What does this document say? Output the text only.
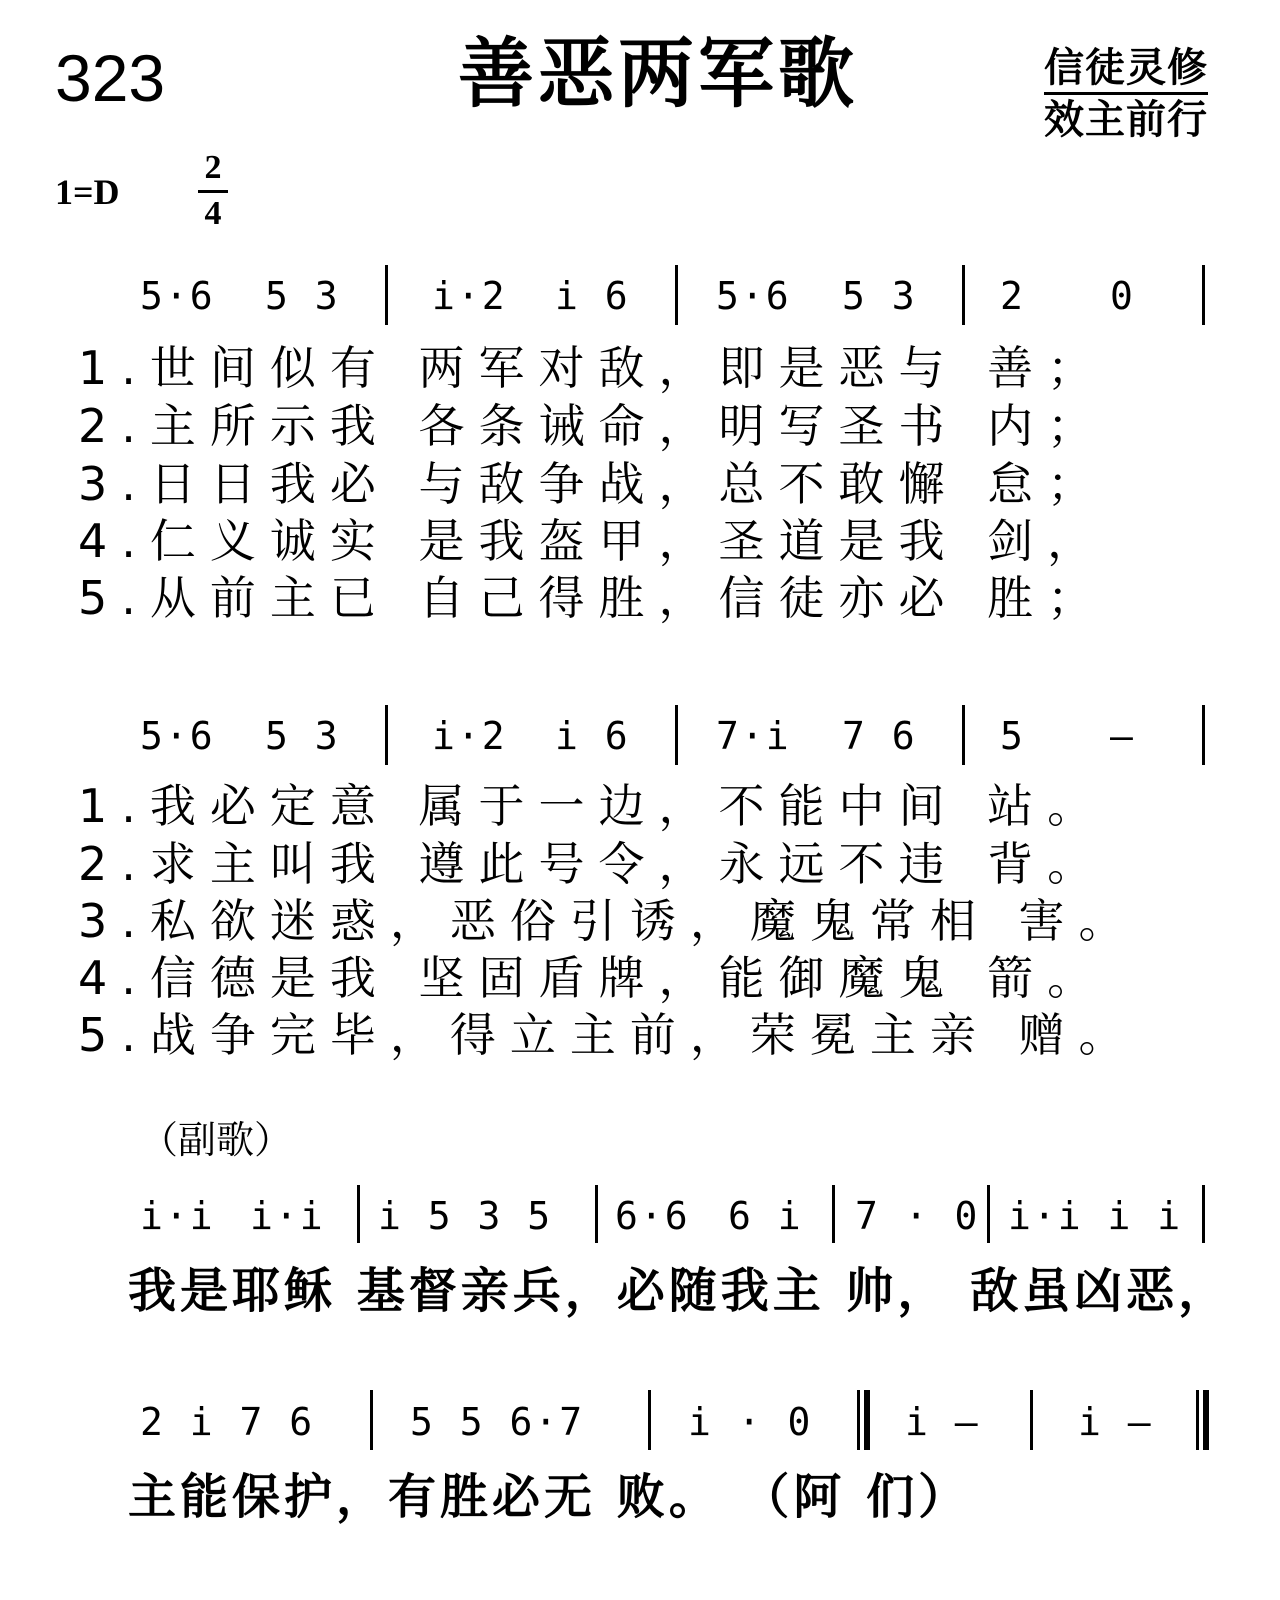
323	善恶两军歌	信徒灵修
效主前行
1=D
2
4
5·6 5 3 i·2 i 6 5·6 5 3 2 0
1.世间似有 两军对敌，即是恶与 善；
2.主所示我 各条诫命，明写圣书 内；
3.日日我必 与敌争战，总不敢懈 怠；
4.仁义诚实 是我盔甲，圣道是我 剑，
5.从前主已 自己得胜，信徒亦必 胜；
5·6 5 3 i·2 i 6 7·i 7 6 5 –
1.我必定意 属于一边，不能中间 站。
2.求主叫我 遵此号令，永远不违 背。
3.私欲迷惑，恶俗引诱，魔鬼常相 害。
4.信德是我 坚固盾牌，能御魔鬼 箭。
5.战争完毕，得立主前，荣冕主亲 赠。
（副歌）
i·i i·i i 5 3 5 6·6 6 i 7 · 0 i·i i i
我是耶稣 基督亲兵，必随我主 帅， 敌虽凶恶，
2 i 7 6	5 5 6·7	i · 0 i –	i –
主能保护，有胜必无 败。 （阿 们）
